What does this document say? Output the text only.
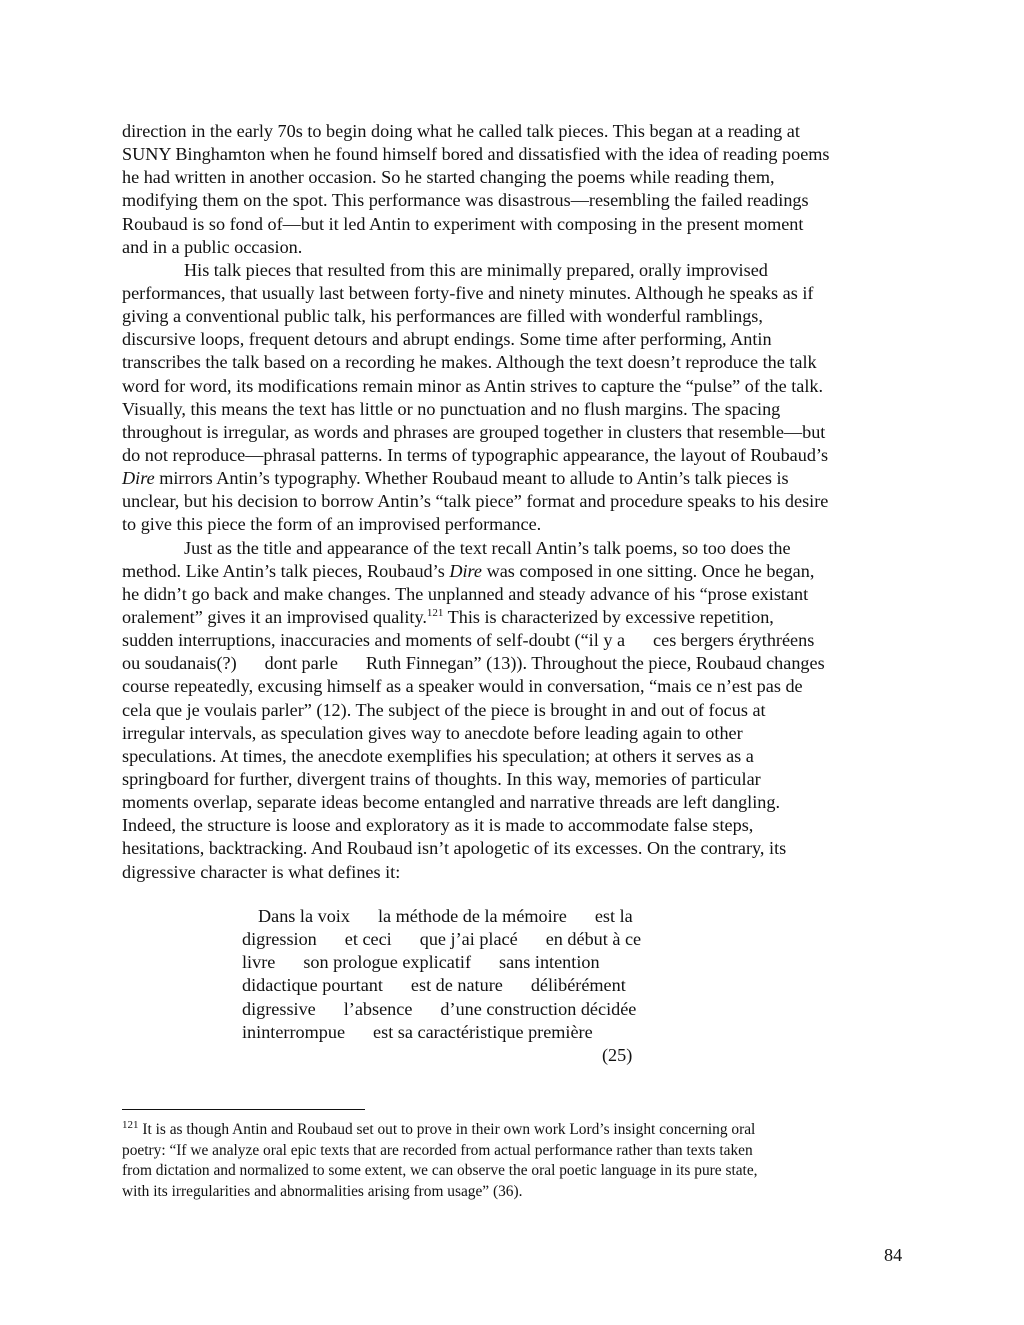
direction in the early 70s to begin doing what he called talk pieces. This began at a reading at
SUNY Binghamton when he found himself bored and dissatisfied with the idea of reading poems
he had written in another occasion. So he started changing the poems while reading them,
modifying them on the spot. This performance was disastrous—resembling the failed readings
Roubaud is so fond of—but it led Antin to experiment with composing in the present moment
and in a public occasion.
His talk pieces that resulted from this are minimally prepared, orally improvised
performances, that usually last between forty-five and ninety minutes. Although he speaks as if
giving a conventional public talk, his performances are filled with wonderful ramblings,
discursive loops, frequent detours and abrupt endings. Some time after performing, Antin
transcribes the talk based on a recording he makes. Although the text doesn’t reproduce the talk
word for word, its modifications remain minor as Antin strives to capture the “pulse” of the talk.
Visually, this means the text has little or no punctuation and no flush margins. The spacing
throughout is irregular, as words and phrases are grouped together in clusters that resemble—but
do not reproduce—phrasal patterns. In terms of typographic appearance, the layout of Roubaud’s
Dire mirrors Antin’s typography. Whether Roubaud meant to allude to Antin’s talk pieces is
unclear, but his decision to borrow Antin’s “talk piece” format and procedure speaks to his desire
to give this piece the form of an improvised performance.
Just as the title and appearance of the text recall Antin’s talk poems, so too does the
method. Like Antin’s talk pieces, Roubaud’s Dire was composed in one sitting. Once he began,
he didn’t go back and make changes. The unplanned and steady advance of his “prose existant
oralement” gives it an improvised quality.$^{121}$ This is characterized by excessive repetition,
sudden interruptions, inaccuracies and moments of self-doubt (“il y a ces bergers érythréens
ou soudanais(?) dont parle Ruth Finnegan” (13)). Throughout the piece, Roubaud changes
course repeatedly, excusing himself as a speaker would in conversation, “mais ce n’est pas de
cela que je voulais parler” (12). The subject of the piece is brought in and out of focus at
irregular intervals, as speculation gives way to anecdote before leading again to other
speculations. At times, the anecdote exemplifies his speculation; at others it serves as a
springboard for further, divergent trains of thoughts. In this way, memories of particular
moments overlap, separate ideas become entangled and narrative threads are left dangling.
Indeed, the structure is loose and exploratory as it is made to accommodate false steps,
hesitations, backtracking. And Roubaud isn’t apologetic of its excesses. On the contrary, its
digressive character is what defines it:
Dans la voix la méthode de la mémoire est la
digression et ceci que j’ai placé en début à ce
livre son prologue explicatif sans intention
didactique pourtant est de nature délibérément
digressive l’absence d’une construction décidée
ininterrompue est sa caractéristique première
(25)
$^{121}$ It is as though Antin and Roubaud set out to prove in their own work Lord’s insight concerning oral
poetry: “If we analyze oral epic texts that are recorded from actual performance rather than texts taken
from dictation and normalized to some extent, we can observe the oral poetic language in its pure state,
with its irregularities and abnormalities arising from usage” (36).
84
